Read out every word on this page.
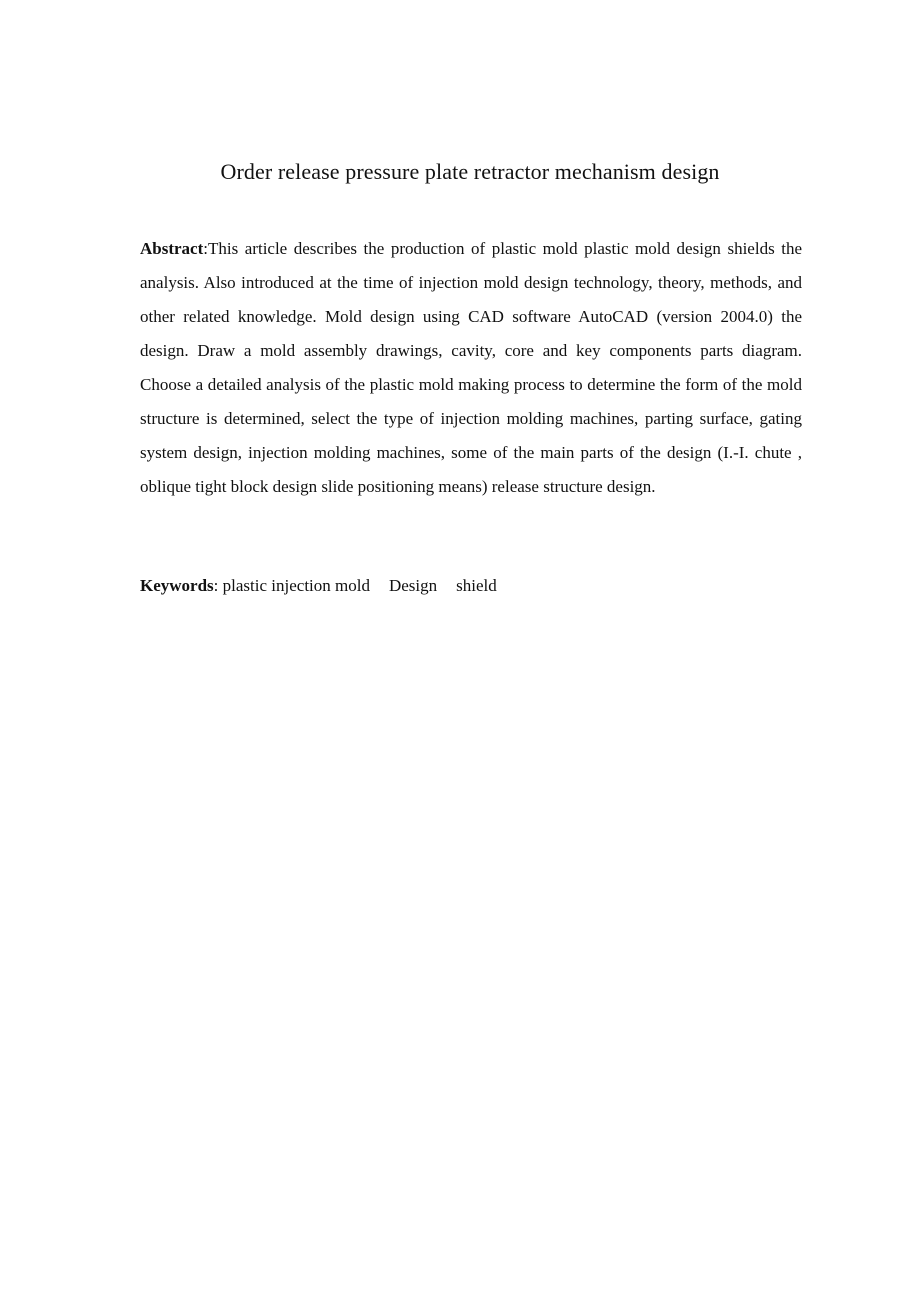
Order release pressure plate retractor mechanism design

Abstract:This article describes the production of plastic mold plastic mold design shields the analysis. Also introduced at the time of injection mold design technology, theory, methods, and other related knowledge. Mold design using CAD software AutoCAD (version 2004.0) the design. Draw a mold assembly drawings, cavity, core and key components parts diagram. Choose a detailed analysis of the plastic mold making process to determine the form of the mold structure is determined, select the type of injection molding machines, parting surface, gating system design, injection molding machines, some of the main parts of the design (I.-I. chute , oblique tight block design slide positioning means) release structure design.

Keywords: plastic injection mold Design shield
